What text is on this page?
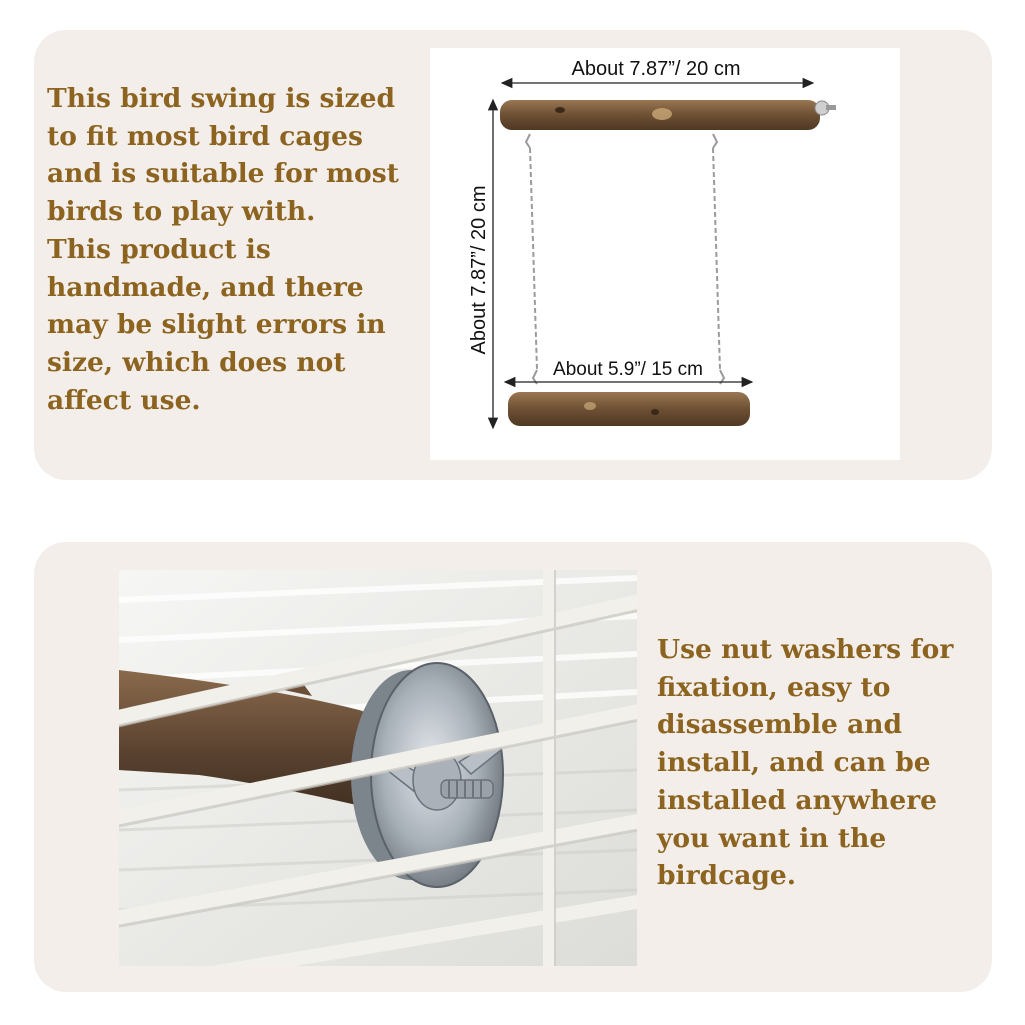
This bird swing is sized
to fit most bird cages
and is suitable for most
birds to play with.
This product is
handmade, and there
may be slight errors in
size, which does not
affect use.

About 7.87”/ 20 cm
About 7.87”/ 20 cm
About 5.9”/ 15 cm

Use nut washers for
fixation, easy to
disassemble and
install, and can be
installed anywhere
you want in the
birdcage.
